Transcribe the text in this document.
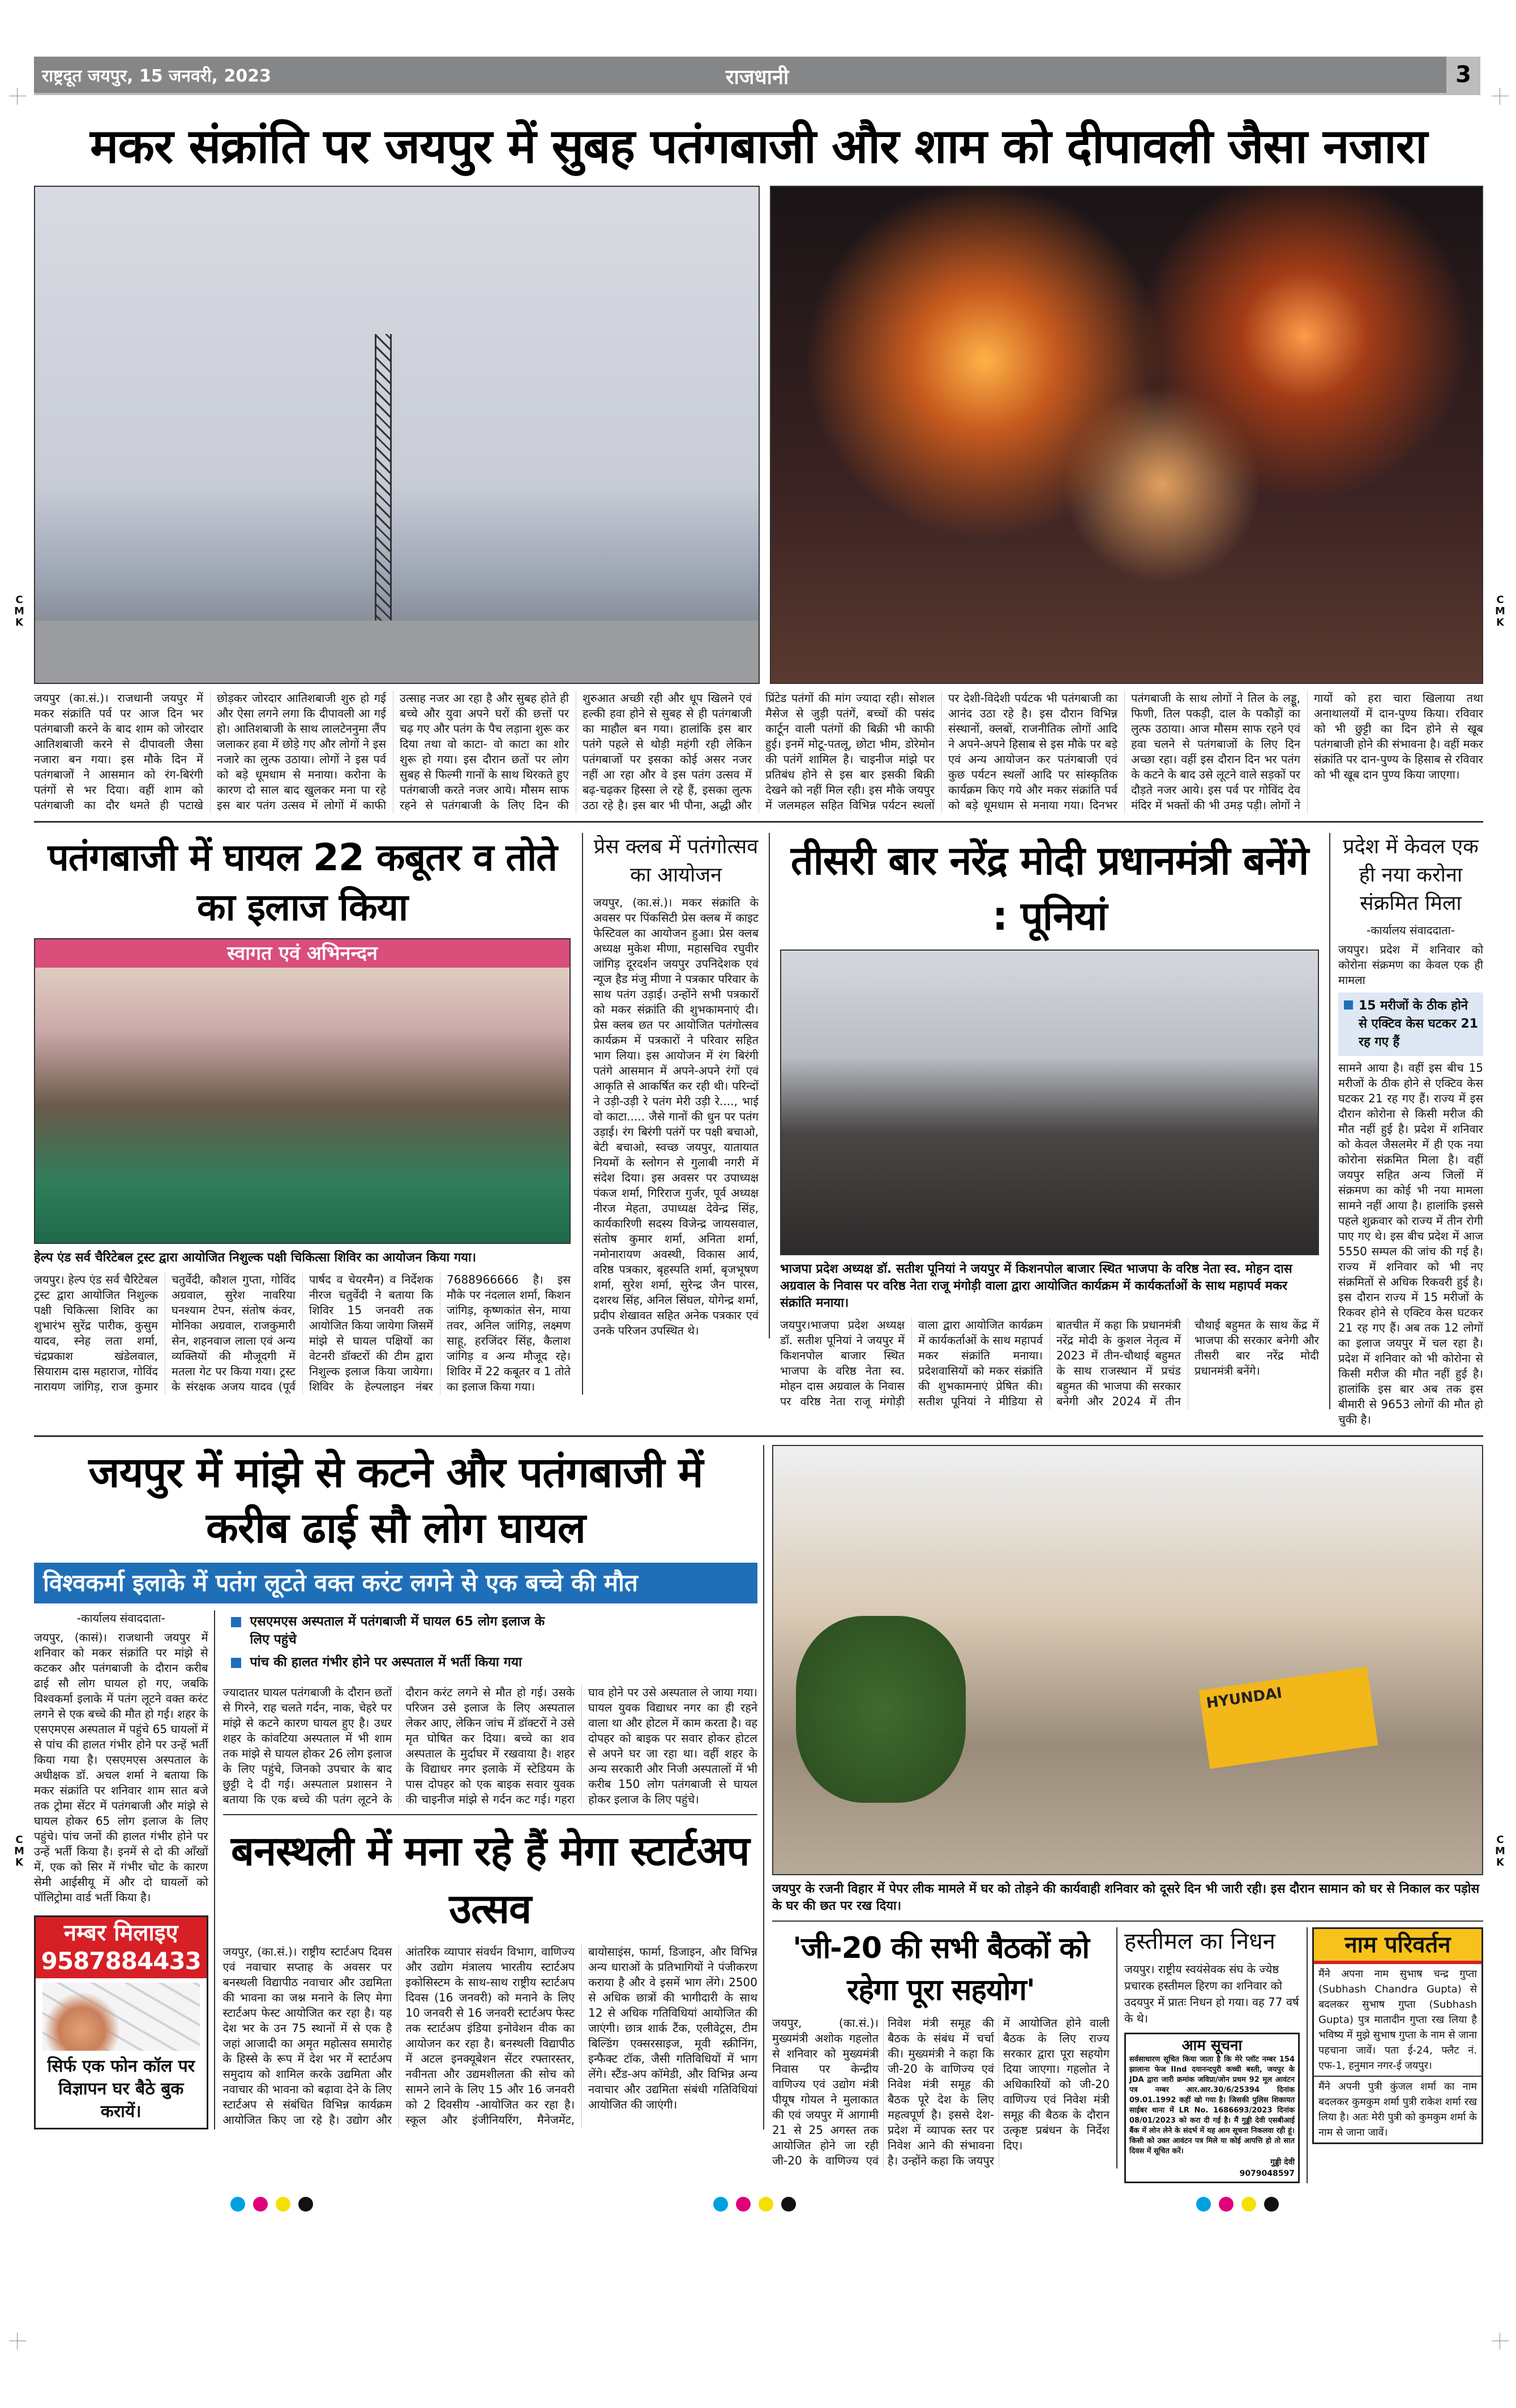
राष्ट्रदूत जयपुर, 15 जनवरी, 2023	राजधानी	3
मकर संक्रांति पर जयपुर में सुबह पतंगबाजी और शाम को दीपावली जैसा नजारा
जयपुर (का.सं.)। राजधानी जयपुर में मकर संक्रांति पर्व पर आज दिन भर पतंगबाजी करने के बाद शाम को जोरदार आतिशबाजी करने से दीपावली जैसा नजारा बन गया। इस मौके दिन में पतंगबाजों ने आसमान को रंग-बिरंगी पतंगों से भर दिया। वहीं शाम को पतंगबाजी का दौर थमते ही पटाखे छोड़कर जोरदार आतिशबाजी शुरु हो गई और ऐसा लगने लगा कि दीपावली आ गई हो। आतिशबाजी के साथ लालटेननुमा लैंप जलाकर हवा में छोड़े गए और लोगों ने इस नजारे का लुत्फ उठाया। लोगों ने इस पर्व को बड़े धूमधाम से मनाया। करोना के कारण दो साल बाद खुलकर मना पा रहे इस बार पतंग उत्सव में लोगों में काफी उत्साह नजर आ रहा है और सुबह होते ही बच्चे और युवा अपने घरों की छत्तों पर चढ़ गए और पतंग के पैच लड़ाना शुरू कर दिया तथा वो काटा- वो काटा का शोर शुरू हो गया। इस दौरान छतों पर लोग सुबह से फिल्मी गानों के साथ थिरकते हुए पतंगबाजी करते नजर आये। मौसम साफ रहने से पतंगबाजी के लिए दिन की शुरुआत अच्छी रही और धूप खिलने एवं हल्की हवा होने से सुबह से ही पतंगबाजी का माहौल बन गया। हालांकि इस बार पतंगे पहले से थोड़ी महंगी रही लेकिन पतंगबाजों पर इसका कोई असर नजर नहीं आ रहा और वे इस पतंग उत्सव में बढ़-चढ़कर हिस्सा ले रहे हैं, इसका लुत्फ उठा रहे है। इस बार भी पौना, अद्धी और प्रिंटेड पतंगों की मांग ज्यादा रही। सोशल मैसेज से जुड़ी पतंगें, बच्चों की पसंद कार्टून वाली पतंगों की बिक्री भी काफी हुई। इनमें मोटू-पतलू, छोटा भीम, डोरेमोन की पतंगें शामिल है। चाइनीज मांझे पर प्रतिबंध होने से इस बार इसकी बिक्री देखने को नहीं मिल रही। इस मौके जयपुर में जलमहल सहित विभिन्न पर्यटन स्थलों पर देशी-विदेशी पर्यटक भी पतंगबाजी का आनंद उठा रहे है। इस दौरान विभिन्न संस्थानों, क्लबों, राजनीतिक लोगों आदि ने अपने-अपने हिसाब से इस मौके पर बड़े एवं अन्य आयोजन कर पतंगबाजी एवं कुछ पर्यटन स्थलों आदि पर सांस्कृतिक कार्यक्रम किए गये और मकर संक्रांति पर्व को बड़े धूमधाम से मनाया गया। दिनभर पतंगबाजी के साथ लोगों ने तिल के लड्डू, फिणी, तिल पकड़ी, दाल के पकौड़ों का लुत्फ उठाया। आज मौसम साफ रहने एवं हवा चलने से पतंगबाजों के लिए दिन अच्छा रहा। वहीं इस दौरान दिन भर पतंग के कटने के बाद उसे लूटने वाले सड़कों पर दौड़ते नजर आये। इस पर्व पर गोविंद देव मंदिर में भक्तों की भी उमड़ पड़ी। लोगों ने गायों को हरा चारा खिलाया तथा अनाथालयों में दान-पुण्य किया। रविवार को भी छुट्टी का दिन होने से खूब पतंगबाजी होने की संभावना है। वहीं मकर संक्रांति पर दान-पुण्य के हिसाब से रविवार को भी खूब दान पुण्य किया जाएगा।
पतंगबाजी में घायल 22 कबूतर व तोते का इलाज किया
स्वागत एवं अभिनन्दन
हेल्प एंड सर्व चैरिटेबल ट्रस्ट द्वारा आयोजित निशुल्क पक्षी चिकित्सा शिविर का आयोजन किया गया।
जयपुर। हेल्प एंड सर्व चैरिटेबल ट्रस्ट द्वारा आयोजित निशुल्क पक्षी चिकित्सा शिविर का शुभारंभ सुरेंद्र पारीक, कुसुम यादव, स्नेह लता शर्मा, चंद्रप्रकाश खंडेलवाल, सियाराम दास महाराज, गोविंद नारायण जांगिड़, राज कुमार चतुर्वेदी, कौशल गुप्ता, गोविंद अग्रवाल, सुरेश नावरिया घनश्याम टेपन, संतोष कंवर, मोनिका अग्रवाल, राजकुमारी सेन, शहनवाज लाला एवं अन्य व्यक्तियों की मौजूदगी में मतला गेट पर किया गया। ट्रस्ट के संरक्षक अजय यादव (पूर्व पार्षद व चेयरमैन) व निर्देशक नीरज चतुर्वेदी ने बताया कि शिविर 15 जनवरी तक आयोजित किया जायेगा जिसमें मांझे से घायल पक्षियों का वेटनरी डॉक्टरों की टीम द्वारा निशुल्क इलाज किया जायेगा। शिविर के हेल्पलाइन नंबर 7688966666 है। इस मौके पर नंदलाल शर्मा, किशन जांगिड़, कृष्णकांत सेन, माया तवर, अनिल जांगिड़, लक्ष्मण साहू, हरजिंदर सिंह, कैलाश जांगिड़ व अन्य मौजूद रहे। शिविर में 22 कबूतर व 1 तोते का इलाज किया गया।
प्रेस क्लब में पतंगोत्सव का आयोजन
जयपुर, (का.सं.)। मकर संक्रांति के अवसर पर पिंकसिटी प्रेस क्लब में काइट फेस्टिवल का आयोजन हुआ। प्रेस क्लब अध्यक्ष मुकेश मीणा, महासचिव रघुवीर जांगिड़ दूरदर्शन जयपुर उपनिदेशक एवं न्यूज हैड मंजु मीणा ने पत्रकार परिवार के साथ पतंग उड़ाई। उन्होंने सभी पत्रकारों को मकर संक्रांति की शुभकामनाएं दी। प्रेस क्लब छत पर आयोजित पतंगोत्सव कार्यक्रम में पत्रकारों ने परिवार सहित भाग लिया। इस आयोजन में रंग बिरंगी पतंगे आसमान में अपने-अपने रंगों एवं आकृति से आकर्षित कर रही थी। परिन्दों ने उड़ी-उड़ी रे पतंग मेरी उड़ी रे...., भाई वो काटा..... जैसे गानों की धुन पर पतंग उड़ाई। रंग बिरंगी पतंगें पर पक्षी बचाओ, बेटी बचाओ, स्वच्छ जयपुर, यातायात नियमों के स्लोगन से गुलाबी नगरी में संदेश दिया। इस अवसर पर उपाध्यक्ष पंकज शर्मा, गिरिराज गुर्जर, पूर्व अध्यक्ष नीरज मेहता, उपाध्यक्ष देवेन्द्र सिंह, कार्यकारिणी सदस्य विजेन्द्र जायसवाल, संतोष कुमार शर्मा, अनिता शर्मा, नमोनारायण अवस्थी, विकास आर्य, वरिष्ठ पत्रकार, बृहस्पति शर्मा, बृजभूषण शर्मा, सुरेश शर्मा, सुरेन्द्र जैन पारस, दशरथ सिंह, अनिल सिंघल, योगेन्द्र शर्मा, प्रदीप शेखावत सहित अनेक पत्रकार एवं उनके परिजन उपस्थित थे।
तीसरी बार नरेंद्र मोदी प्रधानमंत्री बनेंगे : पूनियां
भाजपा प्रदेश अध्यक्ष डॉ. सतीश पूनियां ने जयपुर में किशनपोल बाजार स्थित भाजपा के वरिष्ठ नेता स्व. मोहन दास अग्रवाल के निवास पर वरिष्ठ नेता राजू मंगोड़ी वाला द्वारा आयोजित कार्यक्रम में कार्यकर्ताओं के साथ महापर्व मकर संक्रांति मनाया।
जयपुर।भाजपा प्रदेश अध्यक्ष डॉ. सतीश पूनियां ने जयपुर में किशनपोल बाजार स्थित भाजपा के वरिष्ठ नेता स्व. मोहन दास अग्रवाल के निवास पर वरिष्ठ नेता राजू मंगोड़ी वाला द्वारा आयोजित कार्यक्रम में कार्यकर्ताओं के साथ महापर्व मकर संक्रांति मनाया। प्रदेशवासियों को मकर संक्रांति की शुभकामनाएं प्रेषित की। सतीश पूनियां ने मीडिया से बातचीत में कहा कि प्रधानमंत्री नरेंद्र मोदी के कुशल नेतृत्व में 2023 में तीन-चौथाई बहुमत के साथ राजस्थान में प्रचंड बहुमत की भाजपा की सरकार बनेगी और 2024 में तीन चौथाई बहुमत के साथ केंद्र में भाजपा की सरकार बनेगी और तीसरी बार नरेंद्र मोदी प्रधानमंत्री बनेंगे।
प्रदेश में केवल एक ही नया करोना संक्रमित मिला
-कार्यालय संवाददाता-
जयपुर। प्रदेश में शनिवार को कोरोना संक्रमण का केवल एक ही मामला
15 मरीजों के ठीक होने से एक्टिव केस घटकर 21 रह गए हैं
सामने आया है। वहीं इस बीच 15 मरीजों के ठीक होने से एक्टिव केस घटकर 21 रह गए हैं। राज्य में इस दौरान कोरोना से किसी मरीज की मौत नहीं हुई है। प्रदेश में शनिवार को केवल जैसलमेर में ही एक नया कोरोना संक्रमित मिला है। वहीं जयपुर सहित अन्य जिलों में संक्रमण का कोई भी नया मामला सामने नहीं आया है। हालांकि इससे पहले शुक्रवार को राज्य में तीन रोगी पाए गए थे। इस बीच प्रदेश में आज 5550 सम्पल की जांच की गई है। राज्य में शनिवार को भी नए संक्रमितों से अधिक रिकवरी हुई है। इस दौरान राज्य में 15 मरीजों के रिकवर होने से एक्टिव केस घटकर 21 रह गए हैं। अब तक 12 लोगों का इलाज जयपुर में चल रहा है। प्रदेश में शनिवार को भी कोरोना से किसी मरीज की मौत नहीं हुई है। हालांकि इस बार अब तक इस बीमारी से 9653 लोगों की मौत हो चुकी है।
जयपुर में मांझे से कटने और पतंगबाजी में करीब ढाई सौ लोग घायल
विश्वकर्मा इलाके में पतंग लूटते वक्त करंट लगने से एक बच्चे की मौत
-कार्यालय संवाददाता-
जयपुर, (कासं)। राजधानी जयपुर में शनिवार को मकर संक्रांति पर मांझे से कटकर और पतंगबाजी के दौरान करीब ढाई सौ लोग घायल हो गए, जबकि विश्वकर्मा इलाके में पतंग लूटने वक्त करंट लगने से एक बच्चे की मौत हो गई। शहर के एसएमएस अस्पताल में पहुंचे 65 घायलों में से पांच की हालत गंभीर होने पर उन्हें भर्ती किया गया है। एसएमएस अस्पताल के अधीक्षक डॉ. अचल शर्मा ने बताया कि मकर संक्रांति पर शनिवार शाम सात बजे तक ट्रोमा सेंटर में पतंगबाजी और मांझे से घायल होकर 65 लोग इलाज के लिए पहुंचे। पांच जनों की हालत गंभीर होने पर उन्हें भर्ती किया है। इनमें से दो की आँखों में, एक को सिर में गंभीर चोट के कारण सेमी आईसीयू में और दो घायलों को पॉलिट्रोमा वार्ड भर्ती किया है।
नम्बर मिलाइए
9587884433
सिर्फ एक फोन कॉल पर विज्ञापन घर बैठे बुक करायें।
एसएमएस अस्पताल में पतंगबाजी में घायल 65 लोग इलाज के लिए पहुंचे
पांच की हालत गंभीर होने पर अस्पताल में भर्ती किया गया
ज्यादातर घायल पतंगबाजी के दौरान छतों से गिरने, राह चलते गर्दन, नाक, चेहरे पर मांझे से कटने कारण घायल हुए है। उधर शहर के कांवटिया अस्पताल में भी शाम तक मांझे से घायल होकर 26 लोग इलाज के लिए पहुंचे, जिनको उपचार के बाद छुट्टी दे दी गई। अस्पताल प्रशासन ने बताया कि एक बच्चे की पतंग लूटने के दौरान करंट लगने से मौत हो गई। उसके परिजन उसे इलाज के लिए अस्पताल लेकर आए, लेकिन जांच में डॉक्टरों ने उसे मृत घोषित कर दिया। बच्चे का शव अस्पताल के मुर्दाघर में रखवाया है। शहर के विद्याधर नगर इलाके में स्टेडियम के पास दोपहर को एक बाइक सवार युवक की चाइनीज मांझे से गर्दन कट गई। गहरा घाव होने पर उसे अस्पताल ले जाया गया। घायल युवक विद्याधर नगर का ही रहने वाला था और होटल में काम करता है। वह दोपहर को बाइक पर सवार होकर होटल से अपने घर जा रहा था। वहीं शहर के अन्य सरकारी और निजी अस्पतालों में भी करीब 150 लोग पतंगबाजी से घायल होकर इलाज के लिए पहुंचे।
बनस्थली में मना रहे हैं मेगा स्टार्टअप उत्सव
जयपुर, (का.सं.)। राष्ट्रीय स्टार्टअप दिवस एवं नवाचार सप्ताह के अवसर पर बनस्थली विद्यापीठ नवाचार और उद्यमिता की भावना का जश्न मनाने के लिए मेगा स्टार्टअप फेस्ट आयोजित कर रहा है। यह देश भर के उन 75 स्थानों में से एक है जहां आजादी का अमृत महोत्सव समारोह के हिस्से के रूप में देश भर में स्टार्टअप समुदाय को शामिल करके उद्यमिता और नवाचार की भावना को बढ़ावा देने के लिए स्टार्टअप से संबंधित विभिन्न कार्यक्रम आयोजित किए जा रहे है। उद्योग और आंतरिक व्यापार संवर्धन विभाग, वाणिज्य और उद्योग मंत्रालय भारतीय स्टार्टअप इकोसिस्टम के साथ-साथ राष्ट्रीय स्टार्टअप दिवस (16 जनवरी) को मनाने के लिए 10 जनवरी से 16 जनवरी स्टार्टअप फेस्ट तक स्टार्टअप इंडिया इनोवेशन वीक का आयोजन कर रहा है। बनस्थली विद्यापीठ में अटल इनक्यूबेशन सेंटर रफ्तारस्तर, नवीनता और उद्यमशीलता की सोच को सामने लाने के लिए 15 और 16 जनवरी को 2 दिवसीय -आयोजित कर रहा है। स्कूल और इंजीनियरिंग, मैनेजमेंट, बायोसाइंस, फार्मा, डिजाइन, और विभिन्न अन्य धाराओं के प्रतिभागियों ने पंजीकरण कराया है और वे इसमें भाग लेंगे। 2500 से अधिक छात्रों की भागीदारी के साथ 12 से अधिक गतिविधियां आयोजित की जाएंगी। छात्र शार्क टैंक, एलीवेट्रस, टीम बिल्डिंग एक्सरसाइज, मूवी स्क्रीनिंग, इन्फैक्ट टॉक, जैसी गतिविधियों में भाग लेंगे। स्टैंड-अप कॉमेडी, और विभिन्न अन्य नवाचार और उद्यमिता संबंधी गतिविधियां आयोजित की जाएंगी।
HYUNDAI
जयपुर के रजनी विहार में पेपर लीक मामले में घर को तोड़ने की कार्यवाही शनिवार को दूसरे दिन भी जारी रही। इस दौरान सामान को घर से निकाल कर पड़ोस के घर की छत पर रख दिया।
'जी-20 की सभी बैठकों को रहेगा पूरा सहयोग'
जयपुर, (का.सं.)। मुख्यमंत्री अशोक गहलोत से शनिवार को मुख्यमंत्री निवास पर केन्द्रीय वाणिज्य एवं उद्योग मंत्री पीयूष गोयल ने मुलाकात की एवं जयपुर में आगामी 21 से 25 अगस्त तक आयोजित होने जा रही जी-20 के वाणिज्य एवं निवेश मंत्री समूह की बैठक के संबंध में चर्चा की। मुख्यमंत्री ने कहा कि जी-20 के वाणिज्य एवं निवेश मंत्री समूह की बैठक पूरे देश के लिए महत्वपूर्ण है। इससे देश-प्रदेश में व्यापक स्तर पर निवेश आने की संभावना है। उन्होंने कहा कि जयपुर में आयोजित होने वाली बैठक के लिए राज्य सरकार द्वारा पूरा सहयोग दिया जाएगा। गहलोत ने अधिकारियों को जी-20 वाणिज्य एवं निवेश मंत्री समूह की बैठक के दौरान उत्कृष्ट प्रबंधन के निर्देश दिए।
हस्तीमल का निधन
जयपुर। राष्ट्रीय स्वयंसेवक संघ के ज्येष्ठ प्रचारक हस्तीमल हिरण का शनिवार को उदयपुर में प्रातः निधन हो गया। वह 77 वर्ष के थे।
आम सूचना
सर्वसाधारण सूचित किया जाता है कि मेरे प्लॉट नम्बर 154 झालाना फेज IInd दयानन्दपुरी कच्ची बस्ती, जयपुर के JDA द्वारा जारी क्रमांक जविप्रा/जोन प्रथम 92 मूल आवंटन पत्र नम्बर आर.आर.30/6/25394 दिनांक 09.01.1992 कहीं खो गया है। जिसकी पुलिस शिकायत साईबर थाना में LR No. 1686693/2023 दिनांक 08/01/2023 को करा दी गई है। मैं गुड्डी देवी एसबीआई बैंक में लोन लेने के संदर्भ में यह आम सूचना निकलवा रही हूं। किसी को उक्त आवंटन पत्र मिले या कोई आपत्ति हो तो सात दिवस में सूचित करें।
गुड्डी देवी
9079048597
नाम परिवर्तन
मैंने अपना नाम सुभाष चन्द्र गुप्ता (Subhash Chandra Gupta) से बदलकर सुभाष गुप्ता (Subhash Gupta) पुत्र मातादीन गुप्ता रख लिया है भविष्य में मुझे सुभाष गुप्ता के नाम से जाना पहचाना जावें। पता ई-24, फ्लैट नं. एफ-1, हनुमान नगर-ई जयपुर।
मैंने अपनी पुत्री कुंजल शर्मा का नाम बदलकर कुमकुम शर्मा पुत्री राकेश शर्मा रख लिया है। अतः मेरी पुत्री को कुमकुम शर्मा के नाम से जाना जावें।
C
M
K
C
M
K
C
M
K
C
M
K
